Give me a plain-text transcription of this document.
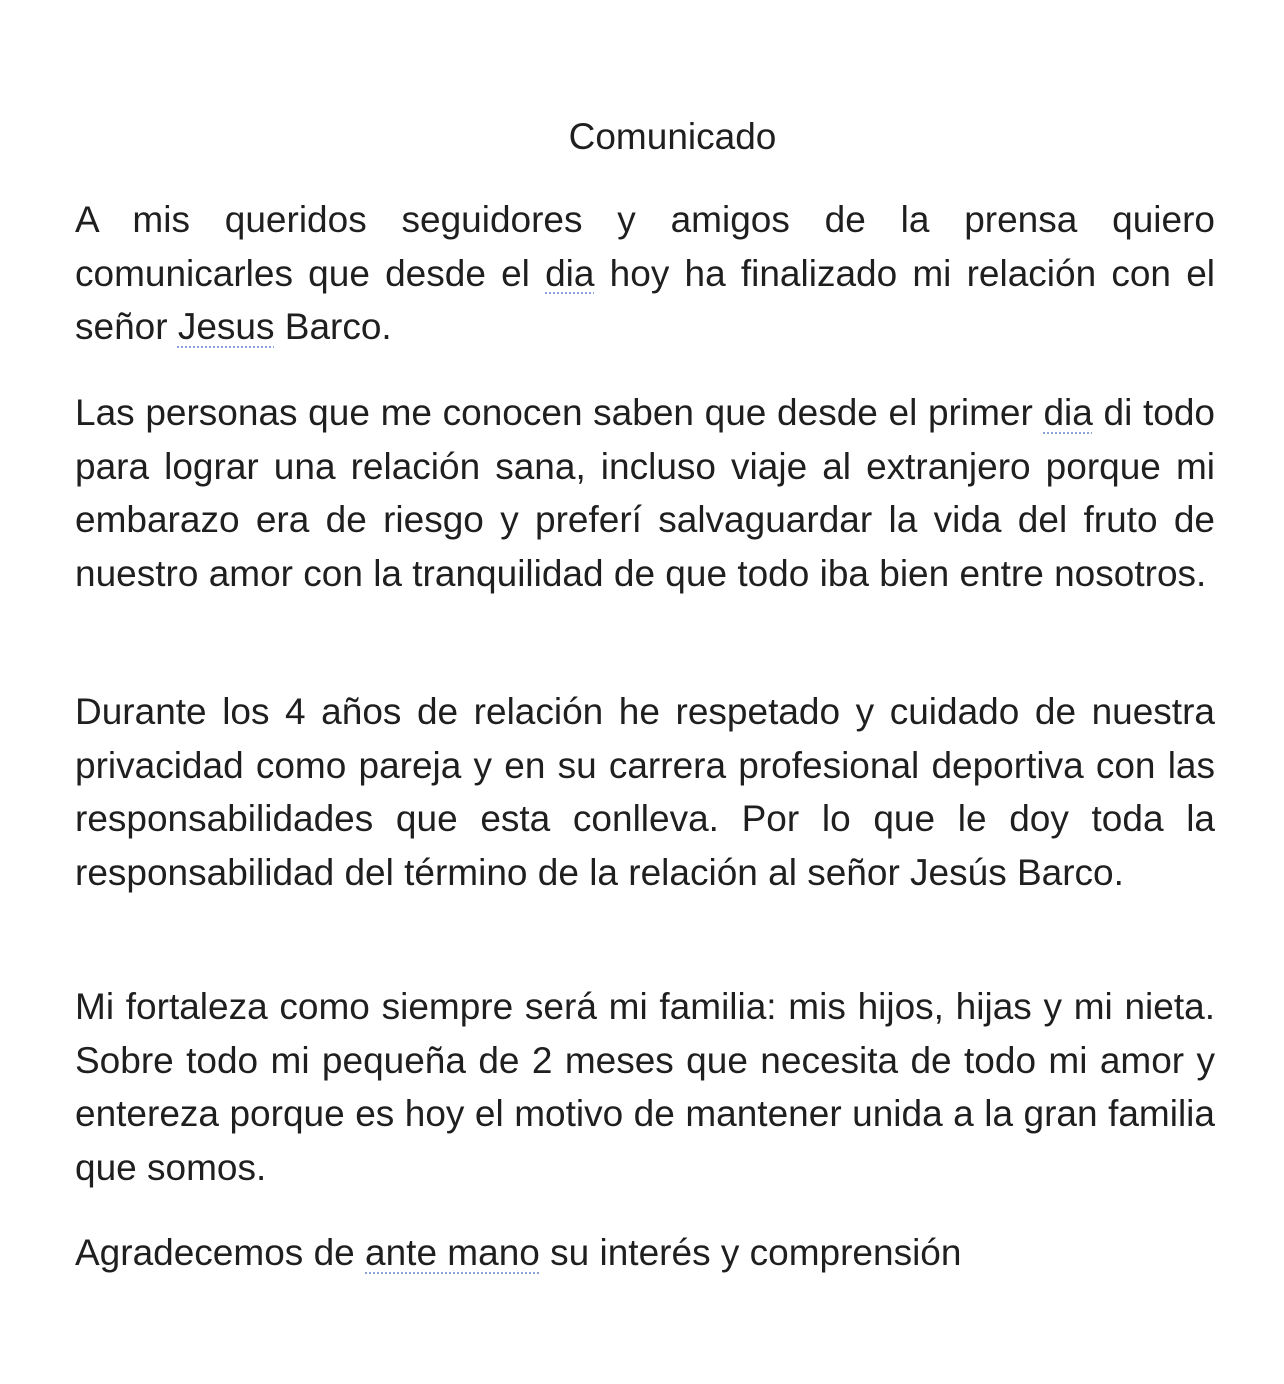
Comunicado

A mis queridos seguidores y amigos de la prensa quiero comunicarles que desde el dia hoy ha finalizado mi relación con el señor Jesus Barco.

Las personas que me conocen saben que desde el primer dia di todo para lograr una relación sana, incluso viaje al extranjero porque mi embarazo era de riesgo y preferí salvaguardar la vida del fruto de nuestro amor con la tranquilidad de que todo iba bien entre nosotros.

Durante los 4 años de relación he respetado y cuidado de nuestra privacidad como pareja y en su carrera profesional deportiva con las responsabilidades que esta conlleva. Por lo que le doy toda la responsabilidad del término de la relación al señor Jesús Barco.

Mi fortaleza como siempre será mi familia: mis hijos, hijas y mi nieta. Sobre todo mi pequeña de 2 meses que necesita de todo mi amor y entereza porque es hoy el motivo de mantener unida a la gran familia que somos.

Agradecemos de ante mano su interés y comprensión
